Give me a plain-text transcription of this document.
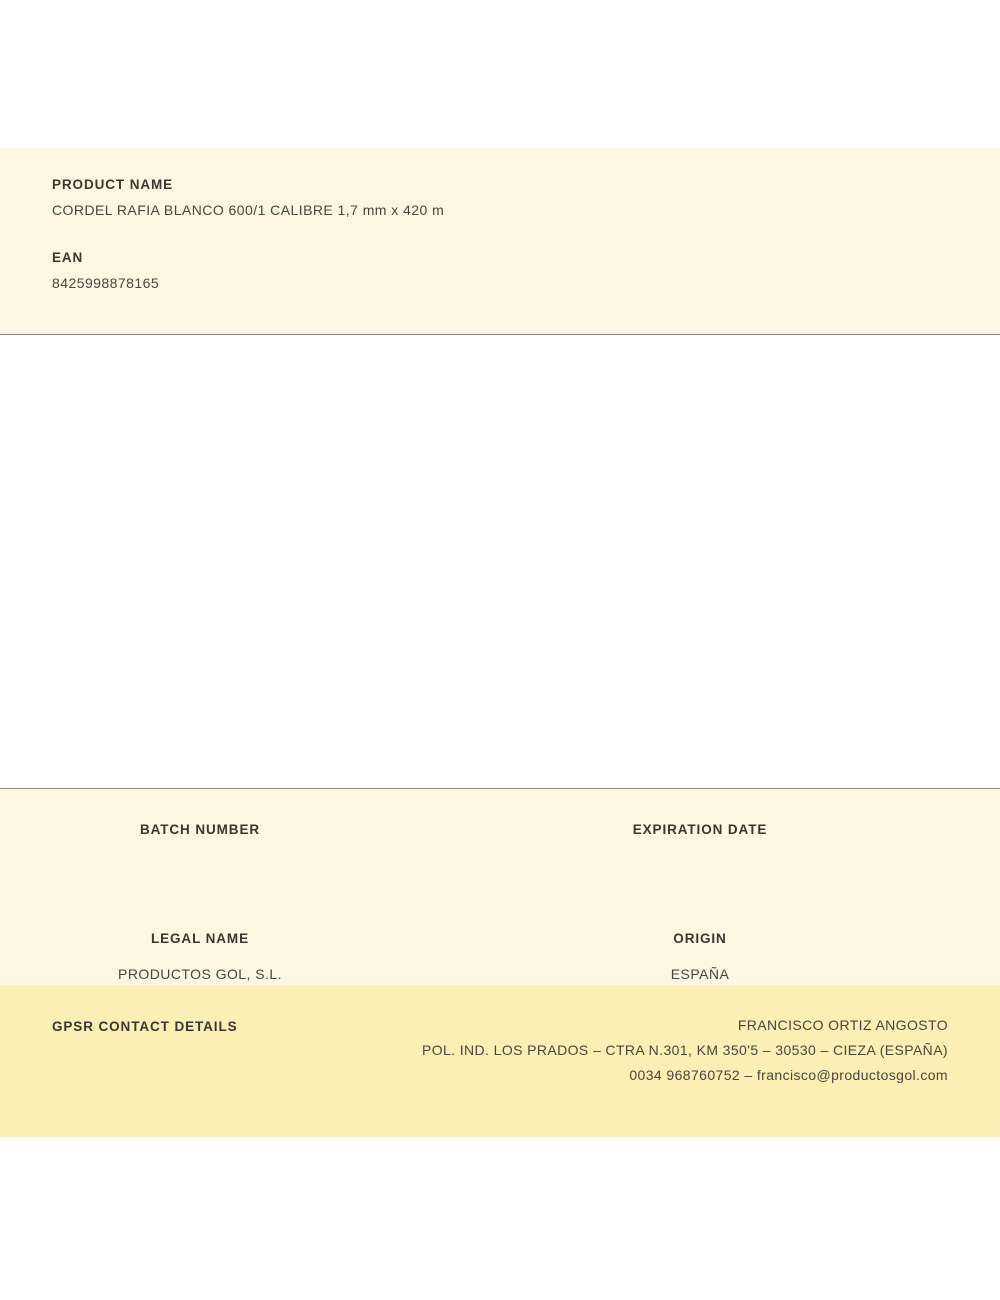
PRODUCT NAME

CORDEL RAFIA BLANCO 600/1 CALIBRE 1,7 mm x 420 m

EAN

8425998878165

BATCH NUMBER	EXPIRATION DATE

LEGAL NAME

PRODUCTOS GOL, S.L.

ORIGIN

ESPAÑA

GPSR CONTACT DETAILS	FRANCISCO ORTIZ ANGOSTO
POL. IND. LOS PRADOS – CTRA N.301, KM 350'5 – 30530 – CIEZA (ESPAÑA)
0034 968760752 – francisco@productosgol.com
